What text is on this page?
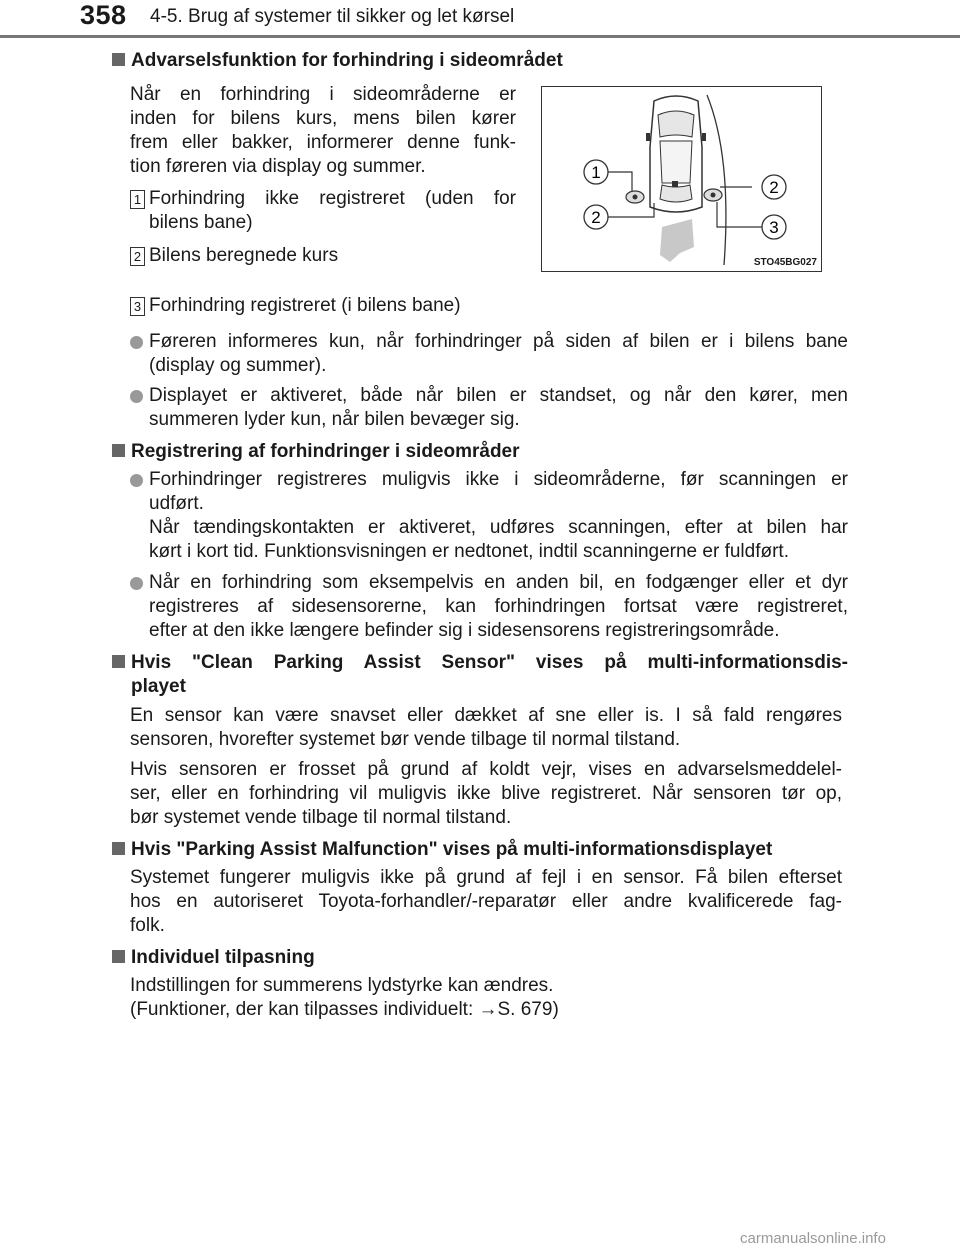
358 4-5. Brug af systemer til sikker og let kørsel
Advarselsfunktion for forhindring i sideområdet
Når en forhindring i sideområderne er
inden for bilens kurs, mens bilen kører
frem eller bakker, informerer denne funk-
tion føreren via display og summer.
1 Forhindring ikke registreret (uden for
bilens bane)
2 Bilens beregnede kurs
3 Forhindring registreret (i bilens bane)
Føreren informeres kun, når forhindringer på siden af bilen er i bilens bane
(display og summer).
Displayet er aktiveret, både når bilen er standset, og når den kører, men
summeren lyder kun, når bilen bevæger sig.
1
2
2
3
STO45BG027
Registrering af forhindringer i sideområder
Forhindringer registreres muligvis ikke i sideområderne, før scanningen er
udført.
Når tændingskontakten er aktiveret, udføres scanningen, efter at bilen har
kørt i kort tid. Funktionsvisningen er nedtonet, indtil scanningerne er fuldført.
Når en forhindring som eksempelvis en anden bil, en fodgænger eller et dyr
registreres af sidesensorerne, kan forhindringen fortsat være registreret,
efter at den ikke længere befinder sig i sidesensorens registreringsområde.
Hvis "Clean Parking Assist Sensor" vises på multi-informationsdis-
playet
En sensor kan være snavset eller dækket af sne eller is. I så fald rengøres
sensoren, hvorefter systemet bør vende tilbage til normal tilstand.
Hvis sensoren er frosset på grund af koldt vejr, vises en advarselsmeddelel-
ser, eller en forhindring vil muligvis ikke blive registreret. Når sensoren tør op,
bør systemet vende tilbage til normal tilstand.
Hvis "Parking Assist Malfunction" vises på multi-informationsdisplayet
Systemet fungerer muligvis ikke på grund af fejl i en sensor. Få bilen efterset
hos en autoriseret Toyota-forhandler/-reparatør eller andre kvalificerede fag-
folk.
Individuel tilpasning
Indstillingen for summerens lydstyrke kan ændres.
(Funktioner, der kan tilpasses individuelt: →S. 679)
carmanualsonline.info
